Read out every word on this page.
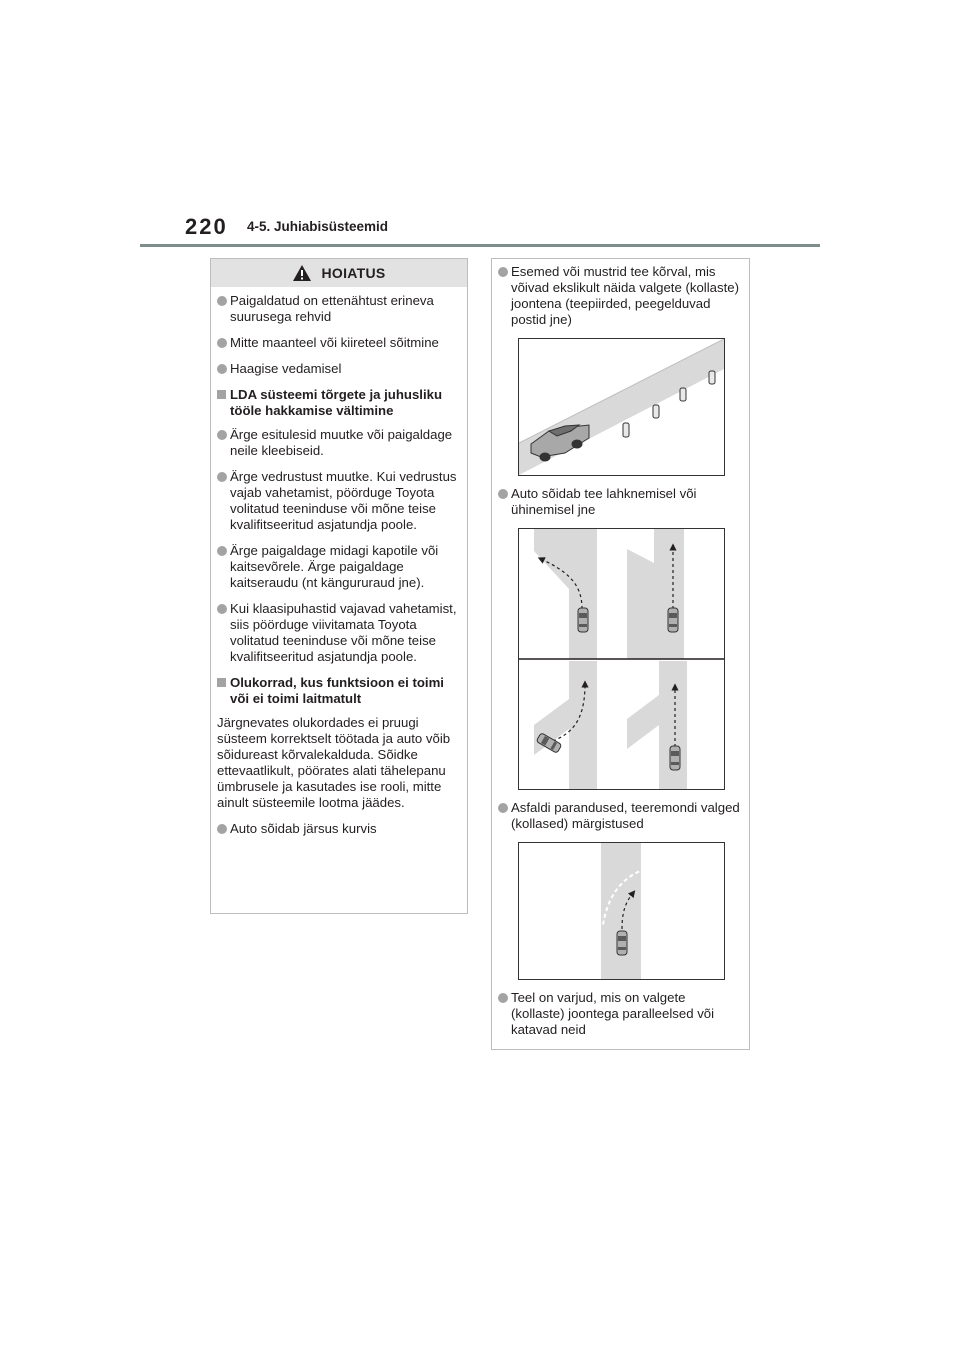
220 4-5. Juhiabisüsteemid
HOIATUS
Paigaldatud on ettenähtust erineva suurusega rehvid
Mitte maanteel või kiireteel sõitmine
Haagise vedamisel
LDA süsteemi tõrgete ja juhusliku tööle hakkamise vältimine
Ärge esitulesid muutke või paigaldage neile kleebiseid.
Ärge vedrustust muutke. Kui vedrustus vajab vahetamist, pöörduge Toyota volitatud teeninduse või mõne teise kvalifitseeritud asjatundja poole.
Ärge paigaldage midagi kapotile või kaitsevõrele. Ärge paigaldage kaitseraudu (nt kängururaud jne).
Kui klaasipuhastid vajavad vahetamist, siis pöörduge viivitamata Toyota volitatud teeninduse või mõne teise kvalifitseeritud asjatundja poole.
Olukorrad, kus funktsioon ei toimi või ei toimi laitmatult
Järgnevates olukordades ei pruugi süsteem korrektselt töötada ja auto võib sõidureast kõrvalekalduda. Sõidke ettevaatlikult, pöörates alati tähelepanu ümbrusele ja kasutades ise rooli, mitte ainult süsteemile lootma jäädes.
Auto sõidab järsus kurvis
Esemed või mustrid tee kõrval, mis võivad ekslikult näida valgete (kollaste) joontena (teepiirded, peegelduvad postid jne)
Auto sõidab tee lahknemisel või ühinemisel jne
Asfaldi parandused, teeremondi valged (kollased) märgistused
Teel on varjud, mis on valgete (kollaste) joontega paralleelsed või katavad neid
